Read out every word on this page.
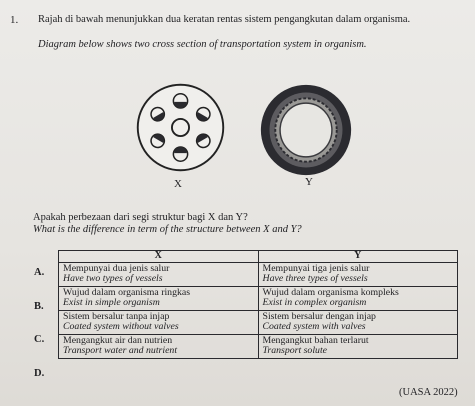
1. Rajah di bawah menunjukkan dua keratan rentas sistem pengangkutan dalam organisma.
Diagram below shows two cross section of transportation system in organism.
X	Y
Apakah perbezaan dari segi struktur bagi X dan Y?
What is the difference in term of the structure between X and Y?
A.
B.
C.
D.
X	Y

Mempunyai dua jenis salur
Have two types of vessels	Mempunyai tiga jenis salur
Have three types of vessels

Wujud dalam organisma ringkas
Exist in simple organism	Wujud dalam organisma kompleks
Exist in complex organism

Sistem bersalur tanpa injap
Coated system without valves	Sistem bersalur dengan injap
Coated system with valves

Mengangkut air dan nutrien
Transport water and nutrient	Mengangkut bahan terlarut
Transport solute
(UASA 2022)
